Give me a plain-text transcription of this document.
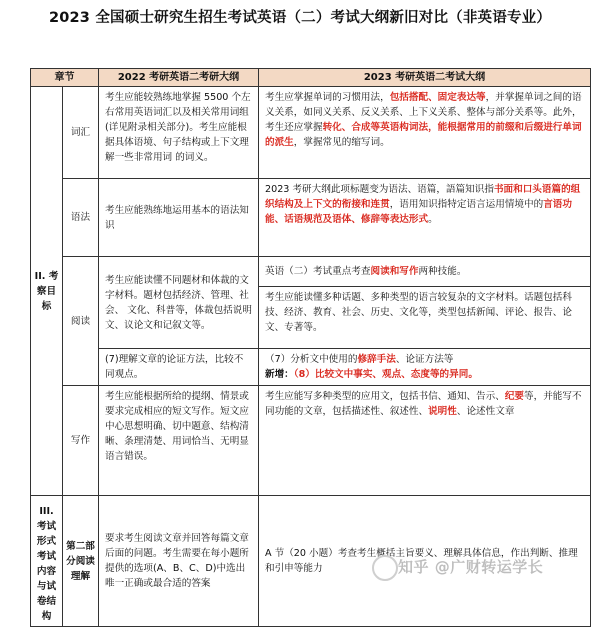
2023 全国硕士研究生招生考试英语（二）考试大纲新旧对比（非英语专业）
章节		2022 考研英语二考研大纲	2023 考研英语二考试大纲
II. 考察目标	词汇	考生应能较熟练地掌握 5500 个左右常用英语词汇以及相关常用词组(详见附录相关部分)。考生应能根据具体语境、句子结构或上下文理解一些非常用词 的词义。	考生应掌握单词的习惯用法，包括搭配、固定表达等，并掌握单词之间的语义关系，如同义关系、反义关系、上下义关系、整体与部分关系等。此外，考生还应掌握转化、合成等英语构词法，能根据常用的前缀和后缀进行单词的派生，掌握常见的缩写词。
	语法	考生应能熟练地运用基本的语法知识	2023 考研大纲此项标题变为语法、语篇，語篇知识指书面和口头语篇的组织结构及上下文的衔接和连贯，语用知识指特定语言运用情境中的言语功能、话语规范及语体、修辞等表达形式。
	阅读	考生应能读懂不同题材和体裁的文字材料。题材包括经济、管理、社会、 文化、科普等，体裁包括说明文、议论文和记叙文等。	英语（二）考试重点考查阅读和写作两种技能。
			考生应能读懂多种话题、多种类型的语言较复杂的文字材料。话题包括科技、经济、教育、社会、历史、文化等，类型包括新闻、评论、报告、论文、专著等。
		(7)理解文章的论证方法，比较不同观点。	（7）分析文中使用的修辞手法、论证方法等
新增：（8）比较文中事实、观点、态度等的异同。

	写作	考生应能根据所给的提纲、情景或要求完成相应的短文写作。短文应中心思想明确、切中题意、结构清晰、条理清楚、用词恰当、无明显语言错误。	考生应能写多种类型的应用文，包括书信、通知、告示、纪要等，并能写不同功能的文章，包括描述性、叙述性、说明性、论述性文章
III. 考试形式考试内容与试卷结构	第二部分阅读理解	要求考生阅读文章并回答每篇文章后面的问题。考生需要在每小题所提供的选项(A、B、C、D)中选出唯一正确或最合适的答案	A 节（20 小题）考查考生概括主旨要义、理解具体信息，作出判断、推理和引申等能力	知乎 @广财转运学长
